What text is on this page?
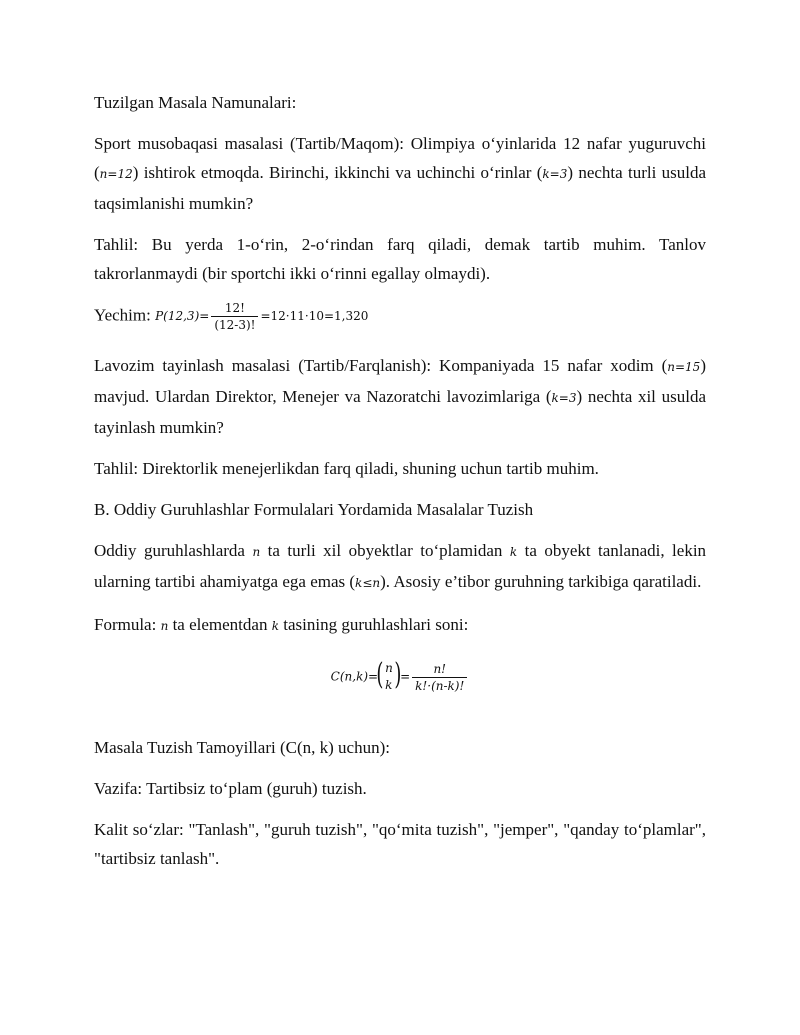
Tuzilgan Masala Namunalari:

Sport musobaqasi masalasi (Tartib/Maqom): Olimpiya o‘yinlarida 12 nafar yuguruvchi (n=12) ishtirok etmoqda. Birinchi, ikkinchi va uchinchi o‘rinlar (k=3) nechta turli usulda taqsimlanishi mumkin?

Tahlil: Bu yerda 1-o‘rin, 2-o‘rindan farq qiladi, demak tartib muhim. Tanlov takrorlanmaydi (bir sportchi ikki o‘rinni egallay olmaydi).

Yechim: $P(12,3)= \frac{12!}{(12-3)!} =12\cdot 11\cdot 10=1,320$

Lavozim tayinlash masalasi (Tartib/Farqlanish): Kompaniyada 15 nafar xodim (n=15) mavjud. Ulardan Direktor, Menejer va Nazoratchi lavozimlariga (k=3) nechta xil usulda tayinlash mumkin?

Tahlil: Direktorlik menejerlikdan farq qiladi, shuning uchun tartib muhim.

B. Oddiy Guruhlashlar Formulalari Yordamida Masalalar Tuzish

Oddiy guruhlashlarda n ta turli xil obyektlar to‘plamidan k ta obyekt tanlanadi, lekin ularning tartibi ahamiyatga ega emas (k≤n). Asosiy e’tibor guruhning tarkibiga qaratiladi.

Formula: n ta elementdan k tasining guruhlashlari soni:

C(n,k)=
( n
k )
= $\frac{n!}{k!\cdot(n-k)!}$

Masala Tuzish Tamoyillari (C(n, k) uchun):

Vazifa: Tartibsiz to‘plam (guruh) tuzish.

Kalit so‘zlar: "Tanlash", "guruh tuzish", "qo‘mita tuzish", "jemper", "qanday to‘plamlar", "tartibsiz tanlash".
